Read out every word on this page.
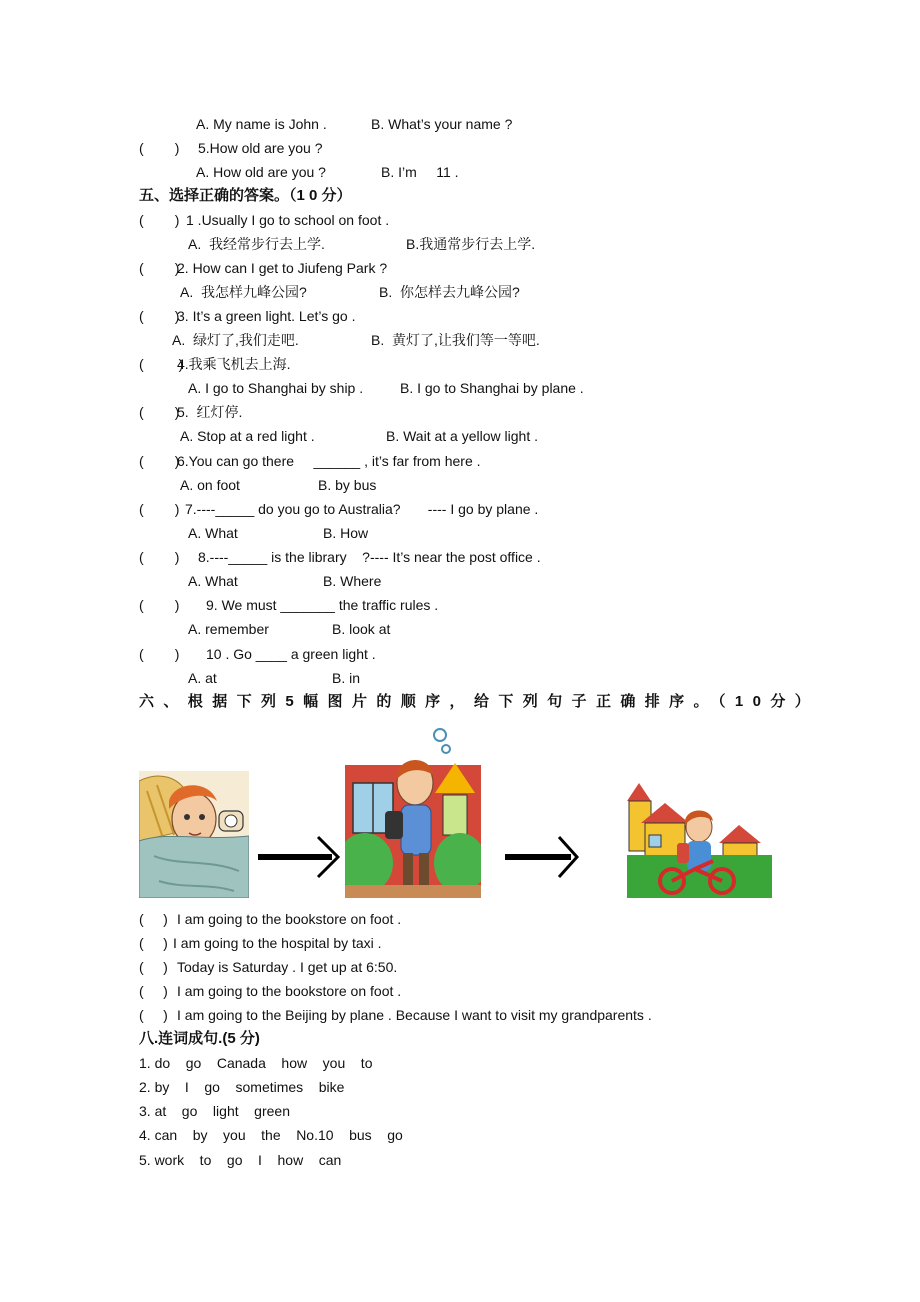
A. My name is John .	B. What’s your name ?
(        ) 5.How old are you ?
A. How old are you ?	B. I’m     11 .
五、选择正确的答案。（1 0 分）
(        ) 1 .Usually I go to school on foot .
A.  我经常步行去上学.	B.我通常步行去上学.
(        )
2. How can I get to Jiufeng Park ?
A.  我怎样九峰公园?	B.  你怎样去九峰公园?
(        )
3. It’s a green light. Let’s go .
A.  绿灯了,我们走吧.	B.  黄灯了,让我们等一等吧.
(         )
4.我乘飞机去上海.
A. I go to Shanghai by ship .	B. I go to Shanghai by plane .
(        )
5.  红灯停.
A. Stop at a red light .	B. Wait at a yellow light .
(        )
6.You can go there     ______ , it’s far from here .
A. on foot	B. by bus
(        ) 7.----_____ do you go to Australia?       ---- I go by plane .
A. What	B. How
(        ) 8.----_____ is the library    ?---- It’s near the post office .
A. What	B. Where
(        ) 9. We must _______ the traffic rules .
A. remember	B. look at
(        ) 10 . Go ____ a green light .
A. at	B. in
六、根据下列5幅图片的顺序，给下列句子正确排序。（10分）
(     ) I am going to the bookstore on foot .
(     ) I am going to the hospital by taxi .
(     ) Today is Saturday . I get up at 6:50.
(     ) I am going to the bookstore on foot .
(     ) I am going to the Beijing by plane . Because I want to visit my grandparents .
八.连词成句.(5 分)
1. do    go    Canada    how    you    to
2. by    I    go    sometimes    bike
3. at    go    light    green
4. can    by    you    the    No.10    bus    go
5. work    to    go    I    how    can
